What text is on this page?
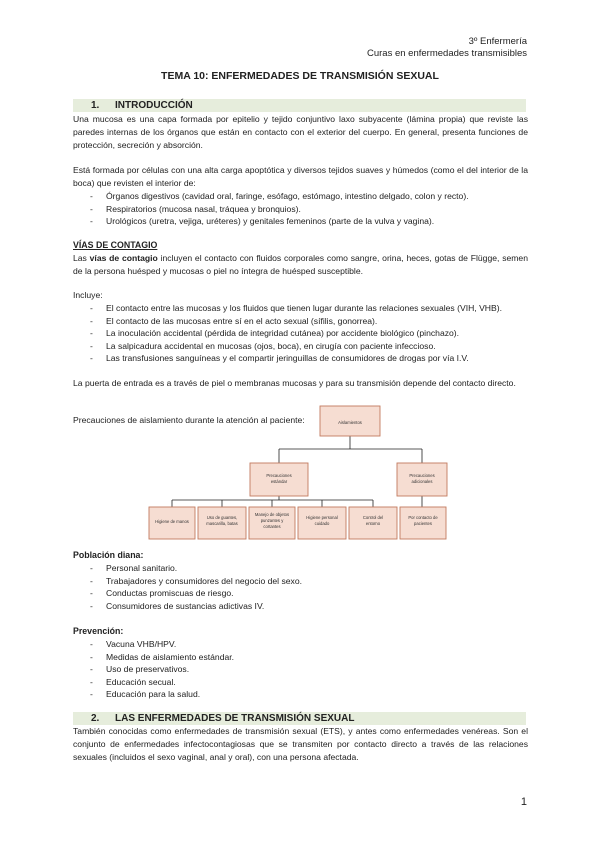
3º Enfermería
Curas en enfermedades transmisibles
TEMA 10: ENFERMEDADES DE TRANSMISIÓN SEXUAL
1. INTRODUCCIÓN
Una mucosa es una capa formada por epitelio y tejido conjuntivo laxo subyacente (lámina propia) que reviste las paredes internas de los órganos que están en contacto con el exterior del cuerpo. En general, presenta funciones de protección, secreción y absorción.
Está formada por células con una alta carga apoptótica y diversos tejidos suaves y húmedos (como el del interior de la boca) que revisten el interior de:
- Órganos digestivos (cavidad oral, faringe, esófago, estómago, intestino delgado, colon y recto).
- Respiratorios (mucosa nasal, tráquea y bronquios).
- Urológicos (uretra, vejiga, uréteres) y genitales femeninos (parte de la vulva y vagina).
VÍAS DE CONTAGIO
Las vías de contagio incluyen el contacto con fluidos corporales como sangre, orina, heces, gotas de Flügge, semen de la persona huésped y mucosas o piel no íntegra de huésped susceptible.
Incluye:
- El contacto entre las mucosas y los fluidos que tienen lugar durante las relaciones sexuales (VIH, VHB).
- El contacto de las mucosas entre sí en el acto sexual (sífilis, gonorrea).
- La inoculación accidental (pérdida de integridad cutánea) por accidente biológico (pinchazo).
- La salpicadura accidental en mucosas (ojos, boca), en cirugía con paciente infeccioso.
- Las transfusiones sanguíneas y el compartir jeringuillas de consumidores de drogas por vía I.V.
La puerta de entrada es a través de piel o membranas mucosas y para su transmisión depende del contacto directo.
Precauciones de aislamiento durante la atención al paciente:	Aislamientos
Precauciones estándar
Precauciones adicionales
Higiene de manos
Uso de guantes, mascarilla, batas
Manejo de objetos punzantes y cortantes
Higiene personal cuidado
Control del entorno
Por contacto de pacientes
Población diana:
- Personal sanitario.
- Trabajadores y consumidores del negocio del sexo.
- Conductas promiscuas de riesgo.
- Consumidores de sustancias adictivas IV.
Prevención:
- Vacuna VHB/HPV.
- Medidas de aislamiento estándar.
- Uso de preservativos.
- Educación secual.
- Educación para la salud.
2. LAS ENFERMEDADES DE TRANSMISIÓN SEXUAL
También conocidas como enfermedades de transmisión sexual (ETS), y antes como enfermedades venéreas. Son el conjunto de enfermedades infectocontagiosas que se transmiten por contacto directo a través de las relaciones sexuales (incluidos el sexo vaginal, anal y oral), con una persona afectada.
1
